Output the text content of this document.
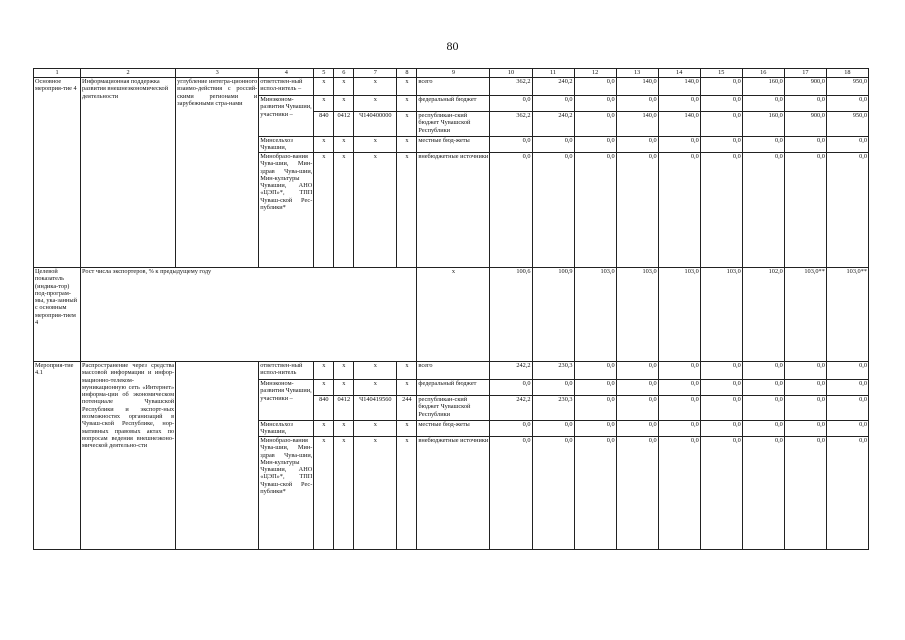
80
1	2	3	4	5	6	7	8	9	10	11	12	13	14	15	16	17	18
Основное мероприя-тие 4	Информационная поддержка развития внешнеэкономической деятельности	углубление интегра-ционного взаимо-действия с россий-скими регионами и зарубежными стра-нами	ответствен-ный испол-нитель –	x	x	x	x	всего	362,2	240,2	0,0	140,0	140,0	0,0	160,0	900,0	950,0
			Минэконом-развития Чувашии, участники –	x	x	x	x	федеральный бюджет	0,0	0,0	0,0	0,0	0,0	0,0	0,0	0,0	0,0
				840	0412	Ч140400000	x	республикан-ский бюджет Чувашской Республики	362,2	240,2	0,0	140,0	140,0	0,0	160,0	900,0	950,0
			Минсельхоз Чувашии,	x	x	x	x	местные бюд-жеты	0,0	0,0	0,0	0,0	0,0	0,0	0,0	0,0	0,0
			Минобразо-вания Чува-шии, Мин-здрав Чува-шии, Мин-культуры Чувашии, АНО «ЦЭП»*, ТПП Чуваш-ской Рес-публики*	x	x	x	x	внебюджетные источники	0,0	0,0	0,0	0,0	0,0	0,0	0,0	0,0	0,0
Целевой показатель (индика-тор) под-програм-мы, ука-занный с основным мероприя-тием 4	Рост числа экспортеров, % к предыдущему году							x	100,6	100,9	103,0	103,0	103,0	103,0	102,0	103,0**	103,0**
Мероприя-тие 4.1	Распространение через средства массовой информации и инфор-мационно-телеком-муникационную сеть «Интернет» информа-ции об экономическом потенциале Чувашской Республики и экспорт-ных возможностях организаций в Чуваш-ской Республике, нор-мативных правовых актах по вопросам ведения внешнеэконо-мической деятельно-сти		ответствен-ный испол-нитель	x	x	x	x	всего	242,2	230,3	0,0	0,0	0,0	0,0	0,0	0,0	0,0
			Минэконом-развития Чувашии, участники –	x	x	x	x	федеральный бюджет	0,0	0,0	0,0	0,0	0,0	0,0	0,0	0,0	0,0
				840	0412	Ч140419560	244	республикан-ский бюджет Чувашской Республики	242,2	230,3	0,0	0,0	0,0	0,0	0,0	0,0	0,0
			Минсельхоз Чувашии,	x	x	x	x	местные бюд-жеты	0,0	0,0	0,0	0,0	0,0	0,0	0,0	0,0	0,0
			Минобразо-вания Чува-шии, Мин-здрав Чува-шии, Мин-культуры Чувашии, АНО «ЦЭП»*, ТПП Чуваш-ской Рес-публики*	x	x	x	x	внебюджетные источники	0,0	0,0	0,0	0,0	0,0	0,0	0,0	0,0	0,0
